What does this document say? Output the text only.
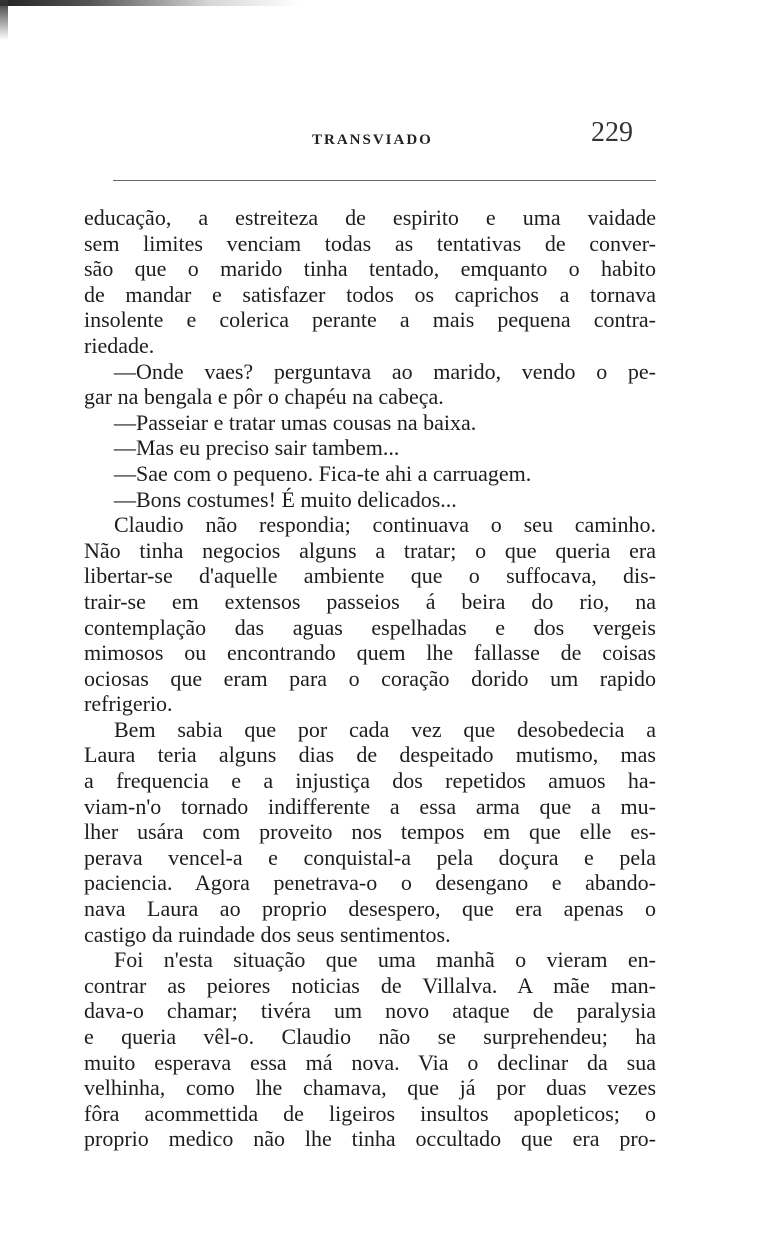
TRANSVIADO	229
educação, a estreiteza de espirito e uma vaidade
sem limites venciam todas as tentativas de conver-
são que o marido tinha tentado, emquanto o habito
de mandar e satisfazer todos os caprichos a tornava
insolente e colerica perante a mais pequena contra-
riedade.
—Onde vaes? perguntava ao marido, vendo o pe-
gar na bengala e pôr o chapéu na cabeça.
—Passeiar e tratar umas cousas na baixa.
—Mas eu preciso sair tambem...
—Sae com o pequeno. Fica-te ahi a carruagem.
—Bons costumes! É muito delicados...
Claudio não respondia; continuava o seu caminho.
Não tinha negocios alguns a tratar; o que queria era
libertar-se d'aquelle ambiente que o suffocava, dis-
trair-se em extensos passeios á beira do rio, na
contemplação das aguas espelhadas e dos vergeis
mimosos ou encontrando quem lhe fallasse de coisas
ociosas que eram para o coração dorido um rapido
refrigerio.
Bem sabia que por cada vez que desobedecia a
Laura teria alguns dias de despeitado mutismo, mas
a frequencia e a injustiça dos repetidos amuos ha-
viam-n'o tornado indifferente a essa arma que a mu-
lher usára com proveito nos tempos em que elle es-
perava vencel-a e conquistal-a pela doçura e pela
paciencia. Agora penetrava-o o desengano e abando-
nava Laura ao proprio desespero, que era apenas o
castigo da ruindade dos seus sentimentos.
Foi n'esta situação que uma manhã o vieram en-
contrar as peiores noticias de Villalva. A mãe man-
dava-o chamar; tivéra um novo ataque de paralysia
e queria vêl-o. Claudio não se surprehendeu; ha
muito esperava essa má nova. Via o declinar da sua
velhinha, como lhe chamava, que já por duas vezes
fôra acommettida de ligeiros insultos apopleticos; o
proprio medico não lhe tinha occultado que era pro-
